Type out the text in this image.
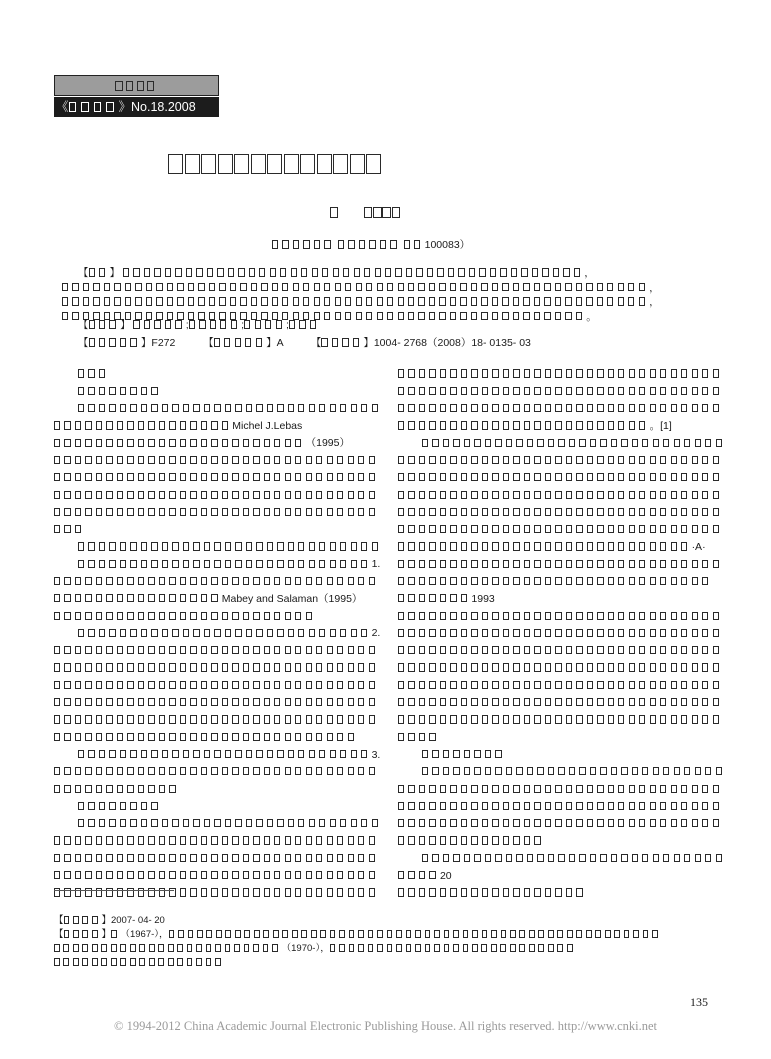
《	》No.18.2008
100083）
【 】	，
，
，
。
【	】	;	;	;
【	】F272	【	】A	【	】1004- 2768（2008）18- 0135- 03
Michel J.Lebas
（1995）
1.
Mabey and Salaman（1995）
2.
3.
。[1]
·A·
1993
20
【	】2007- 04- 20
【	】 （1967-），
（1970-），
135
© 1994-2012 China Academic Journal Electronic Publishing House. All rights reserved. http://www.cnki.net
